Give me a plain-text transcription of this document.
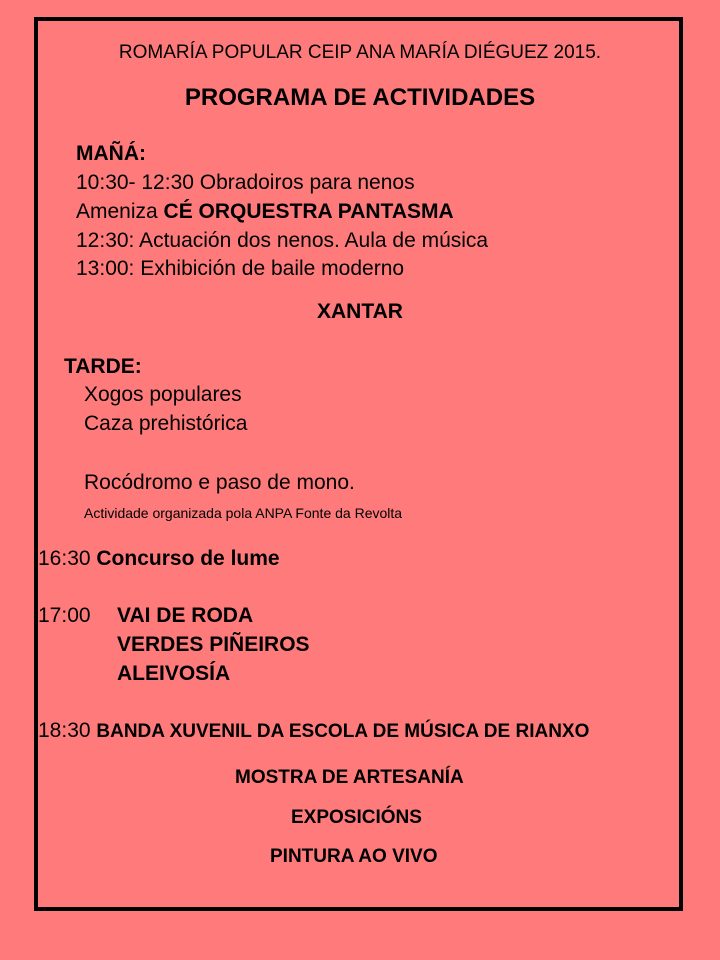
ROMARÍA POPULAR CEIP ANA MARÍA DIÉGUEZ 2015.
PROGRAMA DE ACTIVIDADES
MAÑÁ:
10:30- 12:30 Obradoiros para nenos
Ameniza CÉ ORQUESTRA PANTASMA
12:30: Actuación dos nenos. Aula de música
13:00: Exhibición de baile moderno
XANTAR
TARDE:
Xogos populares
Caza prehistórica
Rocódromo e paso de mono.
Actividade organizada pola ANPA Fonte da Revolta
16:30 Concurso de lume
17:00 VAI DE RODA
VERDES PIÑEIROS
ALEIVOSÍA
18:30 BANDA XUVENIL DA ESCOLA DE MÚSICA DE RIANXO
MOSTRA DE ARTESANÍA
EXPOSICIÓNS
PINTURA AO VIVO
